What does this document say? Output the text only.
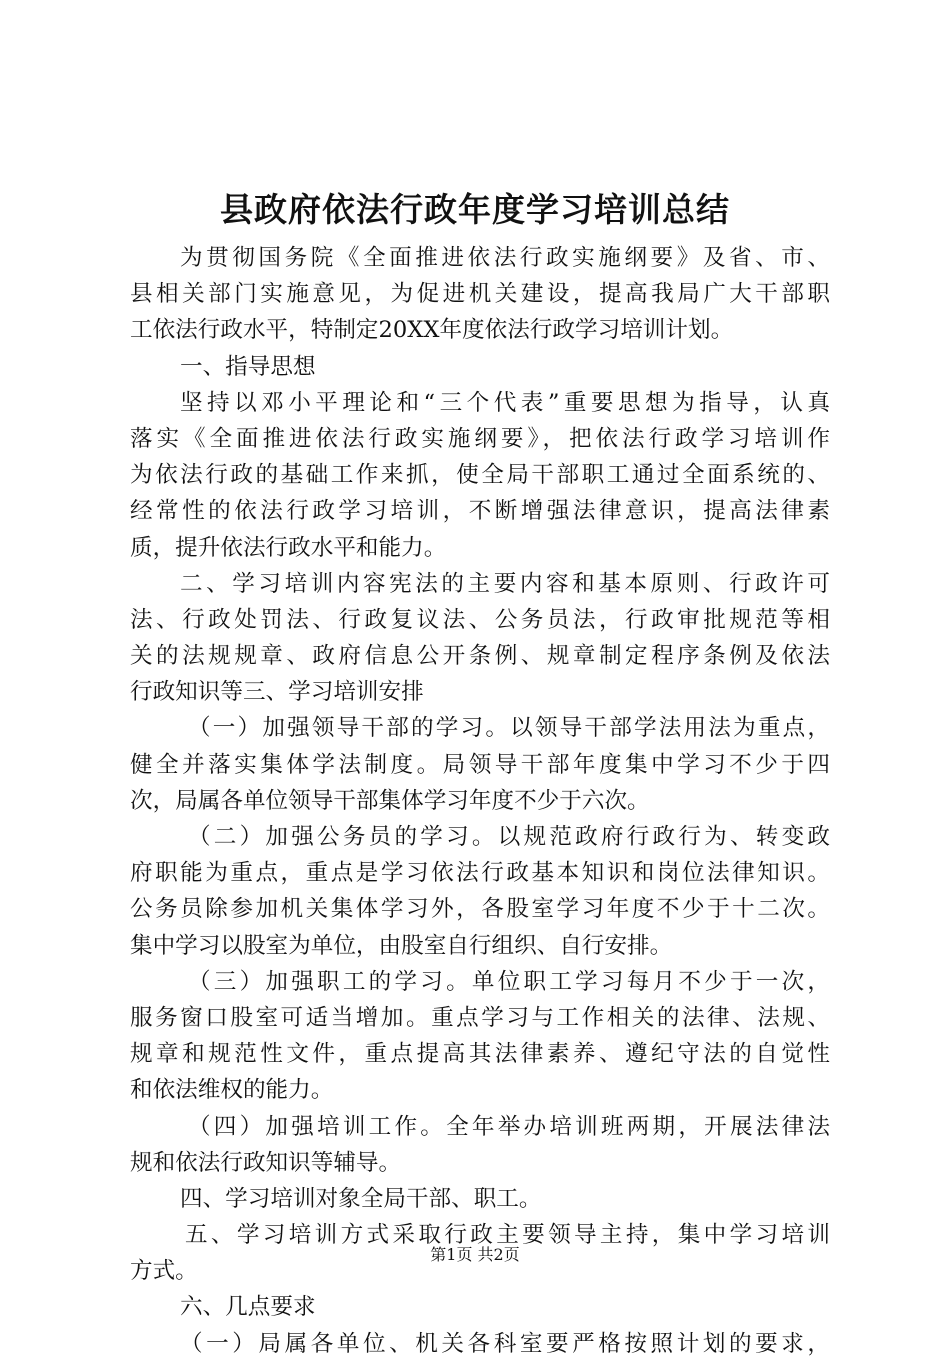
县政府依法行政年度学习培训总结
为贯彻国务院《全面推进依法行政实施纲要》及省、市、
县相关部门实施意见，为促进机关建设，提高我局广大干部职
工依法行政水平，特制定20XX年度依法行政学习培训计划。
一、指导思想
坚持以邓小平理论和“三个代表”重要思想为指导，认真
落实《全面推进依法行政实施纲要》，把依法行政学习培训作
为依法行政的基础工作来抓，使全局干部职工通过全面系统的、
经常性的依法行政学习培训，不断增强法律意识，提高法律素
质，提升依法行政水平和能力。
二、学习培训内容宪法的主要内容和基本原则、行政许可
法、行政处罚法、行政复议法、公务员法，行政审批规范等相
关的法规规章、政府信息公开条例、规章制定程序条例及依法
行政知识等三、学习培训安排
（一）加强领导干部的学习。以领导干部学法用法为重点，
健全并落实集体学法制度。局领导干部年度集中学习不少于四
次，局属各单位领导干部集体学习年度不少于六次。
（二）加强公务员的学习。以规范政府行政行为、转变政
府职能为重点，重点是学习依法行政基本知识和岗位法律知识。
公务员除参加机关集体学习外，各股室学习年度不少于十二次。
集中学习以股室为单位，由股室自行组织、自行安排。
（三）加强职工的学习。单位职工学习每月不少于一次，
服务窗口股室可适当增加。重点学习与工作相关的法律、法规、
规章和规范性文件，重点提高其法律素养、遵纪守法的自觉性
和依法维权的能力。
（四）加强培训工作。全年举办培训班两期，开展法律法
规和依法行政知识等辅导。
四、学习培训对象全局干部、职工。
五、学习培训方式采取行政主要领导主持，集中学习培训
方式。
六、几点要求
（一）局属各单位、机关各科室要严格按照计划的要求，
第1页 共2页
